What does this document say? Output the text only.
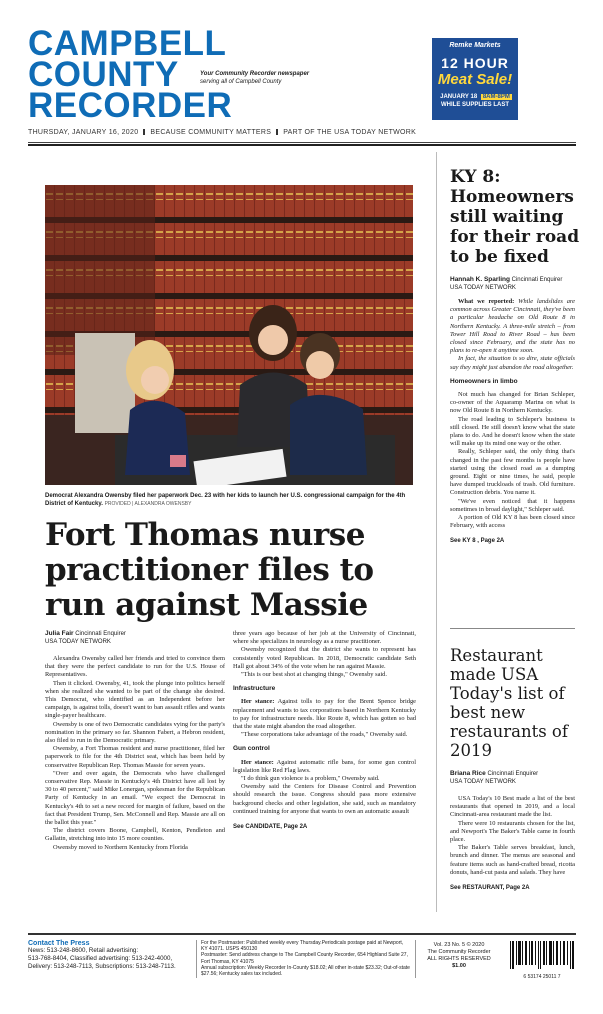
CAMPBELL
COUNTY
RECORDER
Your Community Recorder newspaper
serving all of Campbell County
Remke Markets
12 HOUR
Meat Sale!
JANUARY 18 8AM-8PM
WHILE SUPPLIES LAST
THURSDAY, JANUARY 16, 2020 BECAUSE COMMUNITY MATTERS PART OF THE USA TODAY NETWORK
Democrat Alexandra Owensby filed her paperwork Dec. 23 with her kids to launch her U.S. congressional campaign for the 4th District of Kentucky. PROVIDED | ALEXANDRA OWENSBY
Fort Thomas nurse practitioner files to run against Massie
Julia Fair Cincinnati Enquirer
USA TODAY NETWORK

Alexandra Owensby called her friends and tried to convince them that they were the perfect candidate to run for the U.S. House of Representatives.

Then it clicked. Owensby, 41, took the plunge into politics herself when she realized she wanted to be part of the change she desired. This Democrat, who identified as an Independent before her campaign, is against tolls, doesn't want to ban assault rifles and wants single-payer healthcare.

Owensby is one of two Democratic candidates vying for the party's nomination in the primary so far. Shannon Fabert, a Hebron resident, also filed to run in the Democratic primary.

Owensby, a Fort Thomas resident and nurse practitioner, filed her paperwork to file for the 4th District seat, which has been held by conservative Republican Rep. Thomas Massie for seven years.

"Over and over again, the Democrats who have challenged conservative Rep. Massie in Kentucky's 4th District have all lost by 30 to 40 percent," said Mike Lonergan, spokesman for the Republican Party of Kentucky in an email. "We expect the Democrat in Kentucky's 4th to set a new record for margin of failure, based on the fact that President Trump, Sen. McConnell and Rep. Massie are all on the ballot this year."

The district covers Boone, Campbell, Kenton, Pendleton and Gallatin, stretching into into 15 more counties.

Owensby moved to Northern Kentucky from Florida

three years ago because of her job at the University of Cincinnati, where she specializes in neurology as a nurse practitioner.

Owensby recognized that the district she wants to represent has consistently voted Republican. In 2018, Democratic candidate Seth Hall got about 34% of the vote when he ran against Massie.

"This is our best shot at changing things," Owensby said.

Infrastructure

Her stance: Against tolls to pay for the Brent Spence bridge replacement and wants to tax corporations based in Northern Kentucky to pay for infrastructure needs. like Route 8, which has gotten so bad that the state might abandon the road altogether.

"These corporations take advantage of the roads," Owensby said.

Gun control

Her stance: Against automatic rifle bans, for some gun control legislation like Red Flag laws.

"I do think gun violence is a problem," Owensby said.

Owensby said the Centers for Disease Control and Prevention should research the issue. Congress should pass more extensive background checks and other legislation, she said, such as mandatory continued training for anyone that wants to own an automatic assault

See CANDIDATE, Page 2A
KY 8: Homeowners still waiting for their road to be fixed
Hannah K. Sparling Cincinnati Enquirer
USA TODAY NETWORK

What we reported: While landslides are common across Greater Cincinnati, they've been a particular headache on Old Route 8 in Northern Kentucky. A three-mile stretch – from Tower Hill Road to River Road – has been closed since February, and the state has no plans to re-open it anytime soon.

In fact, the situation is so dire, state officials say they might just abandon the road altogether.

Homeowners in limbo

Not much has changed for Brian Schleper, co-owner of the Aquaramp Marina on what is now Old Route 8 in Northern Kentucky.

The road leading to Schleper's business is still closed. He still doesn't know what the state plans to do. And he doesn't know when the state will make up its mind one way or the other.

Really, Schleper said, the only thing that's changed in the past few months is people have started using the closed road as a dumping ground. Eight or nine times, he said, people have dumped truckloads of trash. Old furniture. Construction debris. You name it.

"We've even noticed that it happens sometimes in broad daylight," Schleper said.

A portion of Old KY 8 has been closed since February, with access

See KY 8 , Page 2A
Restaurant made USA Today's list of best new restaurants of 2019
Briana Rice Cincinnati Enquirer
USA TODAY NETWORK

USA Today's 10 Best made a list of the best restaurants that opened in 2019, and a local Cincinnati-area restaurant made the list.

There were 10 restaurants chosen for the list, and Newport's The Baker's Table came in fourth place.

The Baker's Table serves breakfast, lunch, brunch and dinner. The menus are seasonal and feature items such as hand-crafted bread, ricotta donuts, hand-cut pasta and salads. They have

See RESTAURANT, Page 2A
Contact The Press
News: 513-248-8600, Retail advertising:
513-768-8404, Classified advertising: 513-242-4000,
Delivery: 513-248-7113, Subscriptions: 513-248-7113.
For the Postmaster: Published weekly every Thursday.Periodicals postage paid at Newport, KY 41071. USPS 450130
Postmaster: Send address change to The Campbell County Recorder, 654 Highland Suite 27, Fort Thomas, KY 41075
Annual subscription: Weekly Recorder In-County $18.02; All other in-state $23.32; Out-of-state $27.56; Kentucky sales tax included.
Vol. 23 No. 5 © 2020
The Community Recorder
ALL RIGHTS RESERVED
$1.00
6 53174 25011 7
